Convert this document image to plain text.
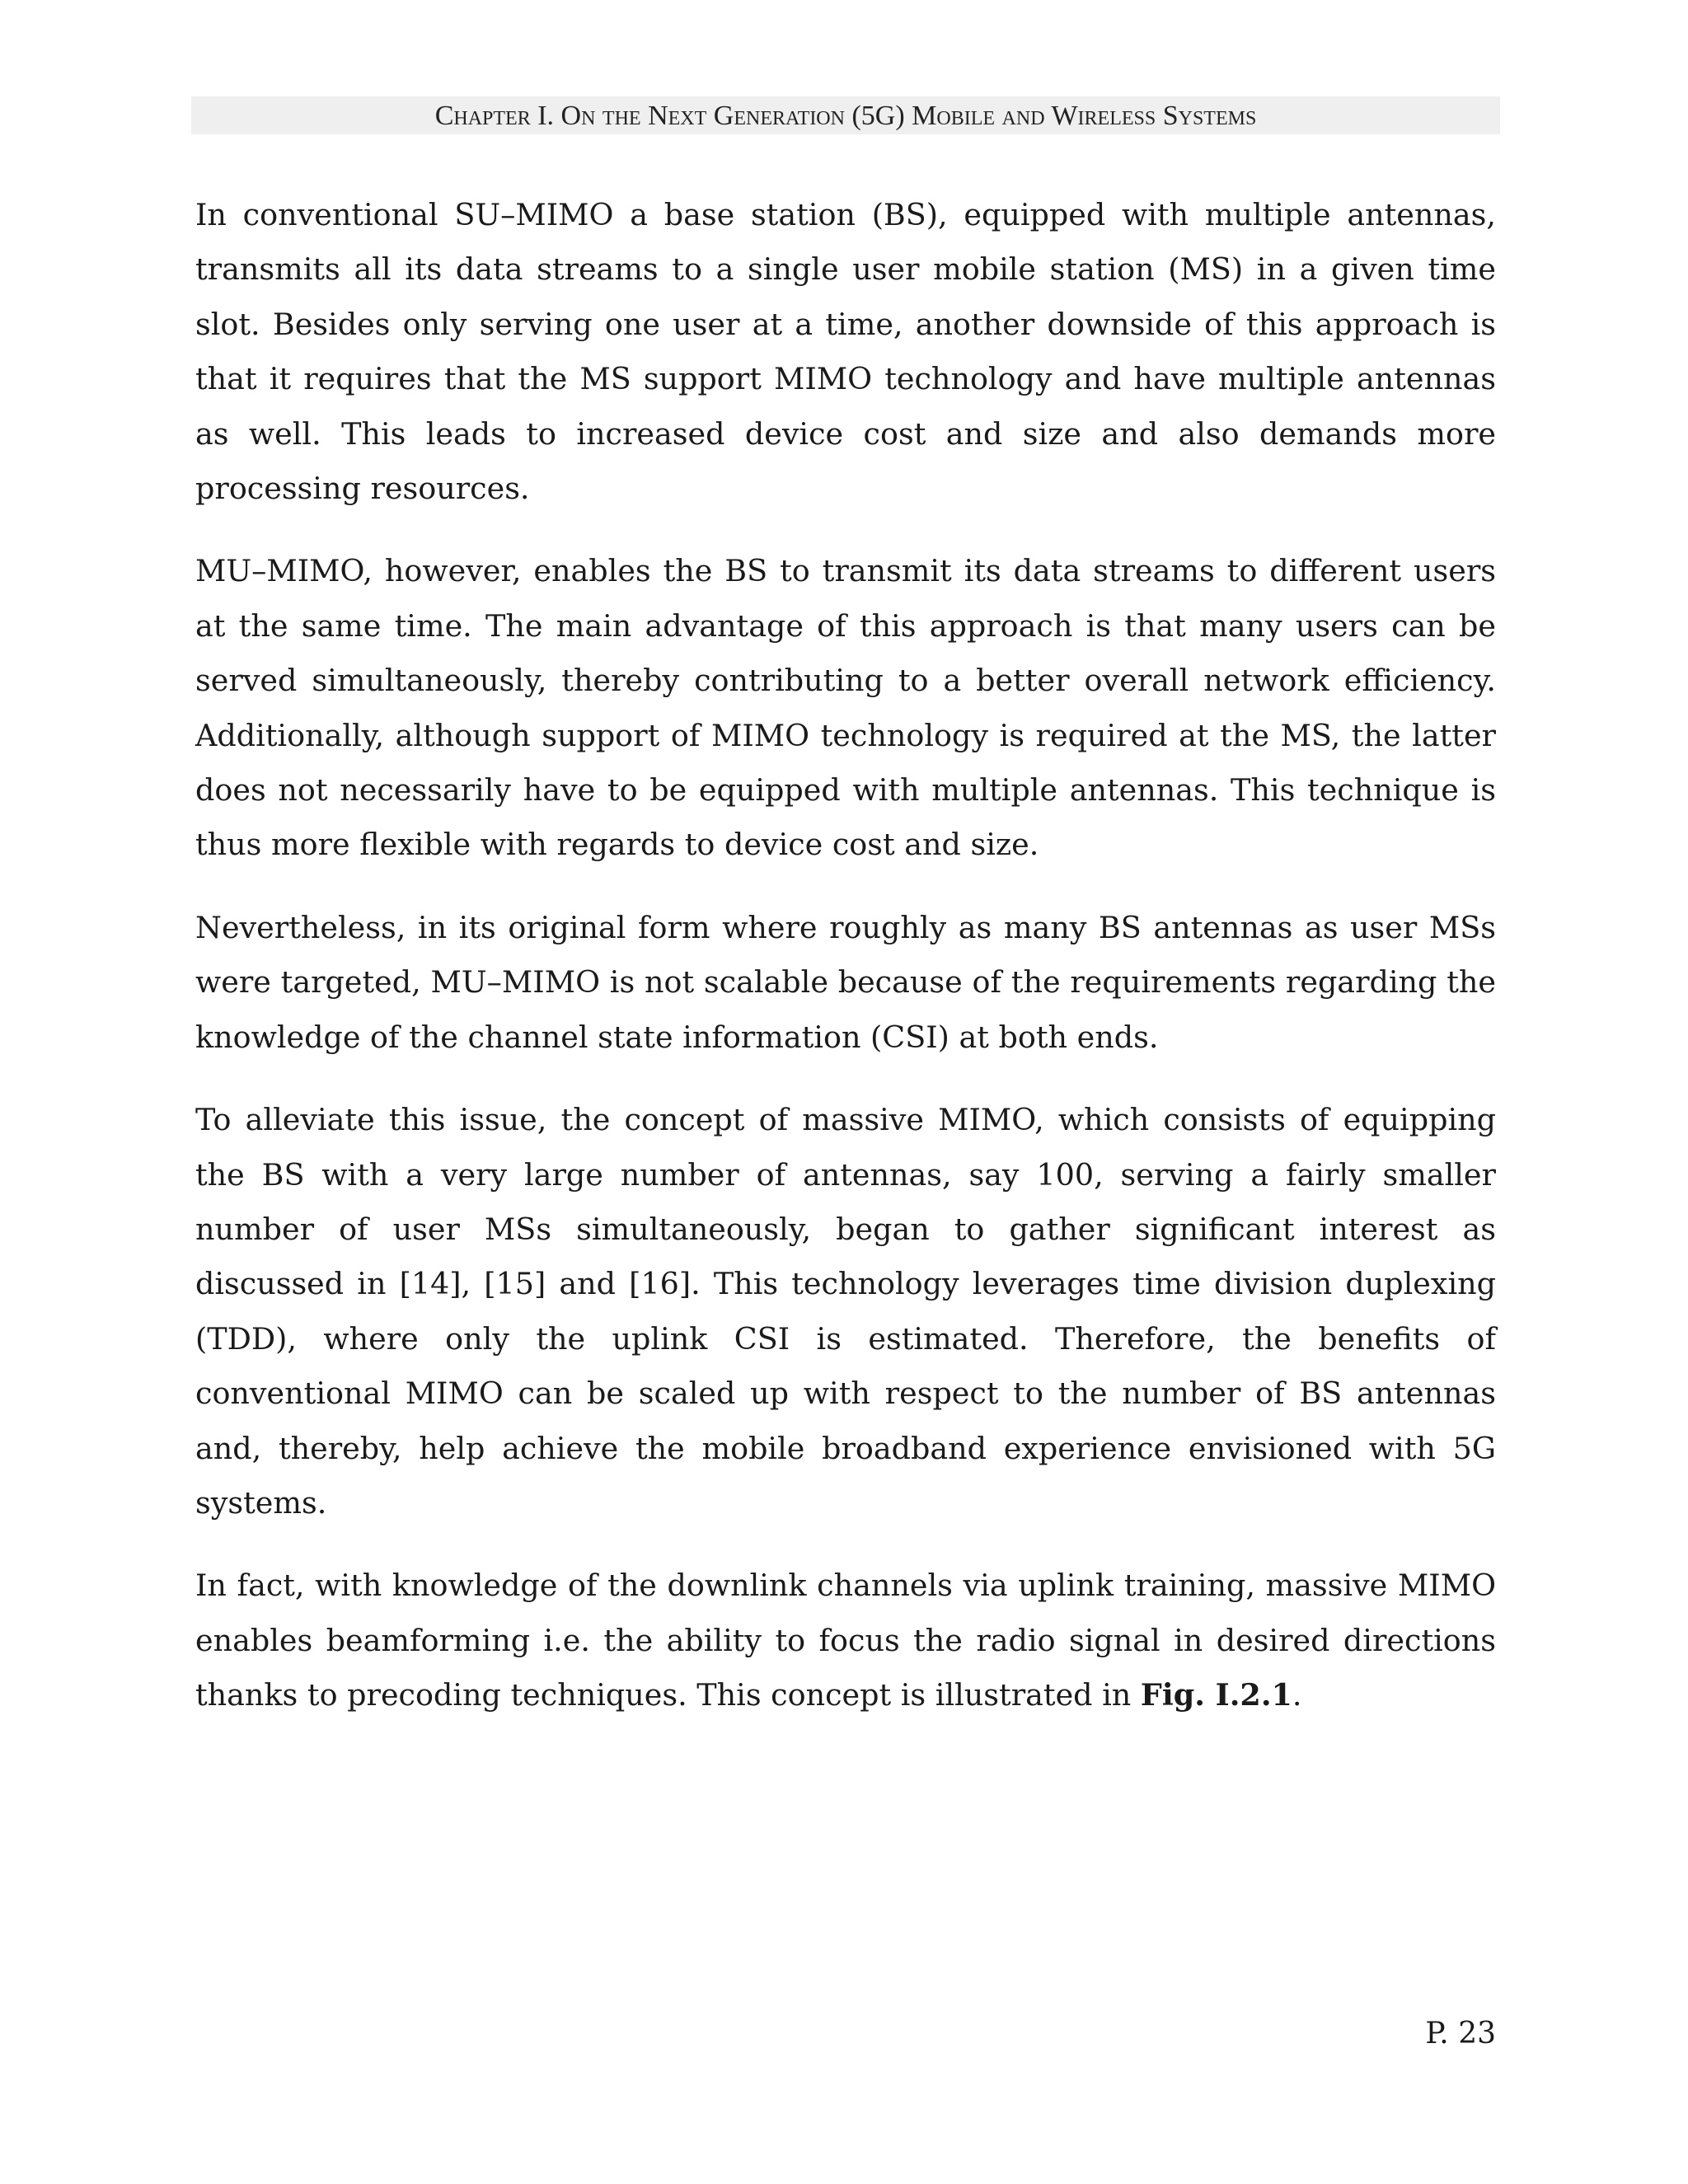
Chapter I. On the Next Generation (5G) Mobile and Wireless Systems

In conventional SU–MIMO a base station (BS), equipped with multiple antennas, transmits all its data streams to a single user mobile station (MS) in a given time slot. Besides only serving one user at a time, another downside of this approach is that it requires that the MS support MIMO technology and have multiple antennas as well. This leads to increased device cost and size and also demands more processing resources.

MU–MIMO, however, enables the BS to transmit its data streams to different users at the same time. The main advantage of this approach is that many users can be served simultaneously, thereby contributing to a better overall network efficiency. Additionally, although support of MIMO technology is required at the MS, the latter does not necessarily have to be equipped with multiple antennas. This technique is thus more flexible with regards to device cost and size.

Nevertheless, in its original form where roughly as many BS antennas as user MSs were targeted, MU–MIMO is not scalable because of the requirements regarding the knowledge of the channel state information (CSI) at both ends.

To alleviate this issue, the concept of massive MIMO, which consists of equipping the BS with a very large number of antennas, say 100, serving a fairly smaller number of user MSs simultaneously, began to gather significant interest as discussed in [14], [15] and [16]. This technology leverages time division duplexing (TDD), where only the uplink CSI is estimated. Therefore, the benefits of conventional MIMO can be scaled up with respect to the number of BS antennas and, thereby, help achieve the mobile broadband experience envisioned with 5G systems.

In fact, with knowledge of the downlink channels via uplink training, massive MIMO enables beamforming i.e. the ability to focus the radio signal in desired directions thanks to precoding techniques. This concept is illustrated in Fig. I.2.1.

P. 23
